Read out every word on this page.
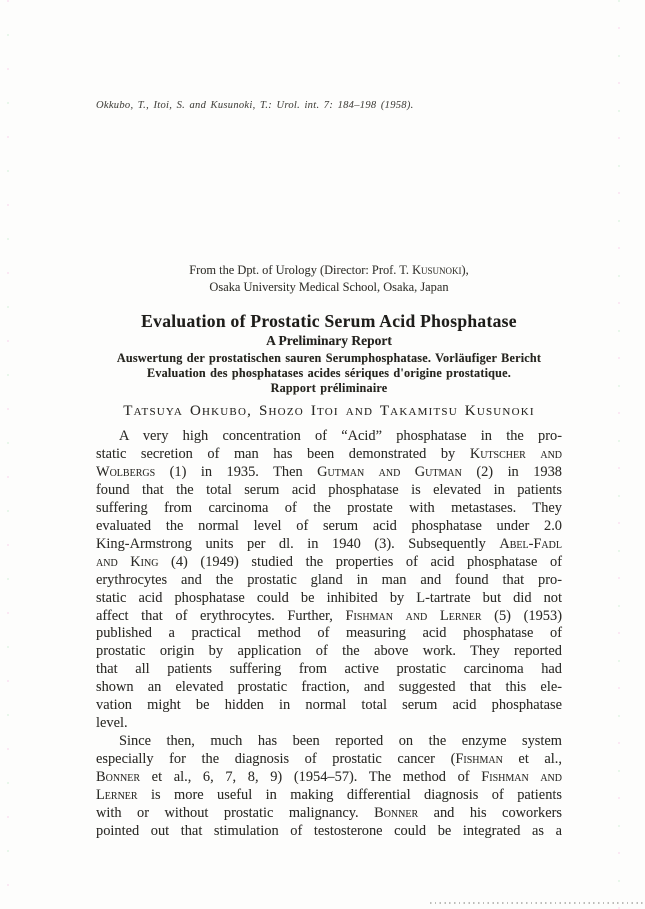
Okkubo, T., Itoi, S. and Kusunoki, T.: Urol. int. 7: 184–198 (1958).
From the Dpt. of Urology (Director: Prof. T. Kusunoki),
Osaka University Medical School, Osaka, Japan
Evaluation of Prostatic Serum Acid Phosphatase
A Preliminary Report
Auswertung der prostatischen sauren Serumphosphatase. Vorläufiger Bericht
Evaluation des phosphatases acides sériques d'origine prostatique.
Rapport préliminaire
Tatsuya Ohkubo, Shozo Itoi and Takamitsu Kusunoki
A very high concentration of “Acid” phosphatase in the pro-
static secretion of man has been demonstrated by Kutscher and
Wolbergs (1) in 1935. Then Gutman and Gutman (2) in 1938
found that the total serum acid phosphatase is elevated in patients
suffering from carcinoma of the prostate with metastases. They
evaluated the normal level of serum acid phosphatase under 2.0
King-Armstrong units per dl. in 1940 (3). Subsequently Abel-Fadl
and King (4) (1949) studied the properties of acid phosphatase of
erythrocytes and the prostatic gland in man and found that pro-
static acid phosphatase could be inhibited by L-tartrate but did not
affect that of erythrocytes. Further, Fishman and Lerner (5) (1953)
published a practical method of measuring acid phosphatase of
prostatic origin by application of the above work. They reported
that all patients suffering from active prostatic carcinoma had
shown an elevated prostatic fraction, and suggested that this ele-
vation might be hidden in normal total serum acid phosphatase
level.
Since then, much has been reported on the enzyme system
especially for the diagnosis of prostatic cancer (Fishman et al.,
Bonner et al., 6, 7, 8, 9) (1954–57). The method of Fishman and
Lerner is more useful in making differential diagnosis of patients
with or without prostatic malignancy. Bonner and his coworkers
pointed out that stimulation of testosterone could be integrated as a
